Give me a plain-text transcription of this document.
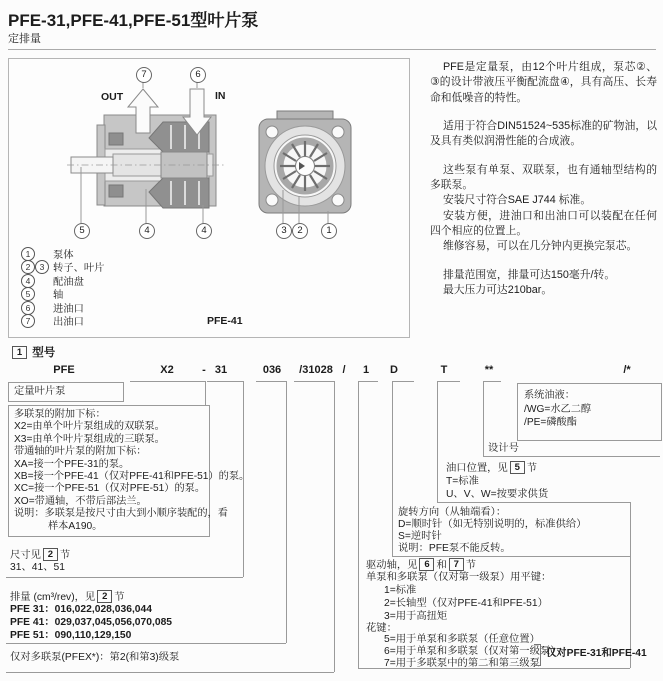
PFE-31,PFE-41,PFE-51型叶片泵
定排量
7	6
OUT	IN
5	4	4	3	2	1
1 泵体
2 3 转子、叶片
4 配油盘
5 轴
6 进油口
7 出油口	PFE-41

PFE是定量泵，由12个叶片组成，泵芯②、③的设计带液压平衡配流盘④，具有高压、长寿命和低噪音的特性。

适用于符合DIN51524~535标准的矿物油，以及具有类似润滑性能的合成液。

这些泵有单泵、双联泵，也有通轴型结构的多联泵。

安装尺寸符合SAE J744 标准。

安装方便，进油口和出油口可以装配在任何四个相应的位置上。

维修容易，可以在几分钟内更换完泵芯。

排量范围宽，排量可达150毫升/转。

最大压力可达210bar。

1 型号
PFE	X2	- 31	036 /31028 / 1 D	T	**	/*
定量叶片泵
多联泵的附加下标：
X2=由单个叶片泵组成的双联泵。
X3=由单个叶片泵组成的三联泵。
带通轴的叶片泵的附加下标：
XA=接一个PFE-31的泵。
XB=接一个PFE-41（仅对PFE-41和PFE-51）的泵。
XC=接一个PFE-51（仅对PFE-51）的泵。
XO=带通轴，不带后部法兰。
说明：多联泵是按尺寸由大到小顺序装配的，看
样本A190。
尺寸见 2 节
31、41、51
排量 (cm³/rev)，见 2 节
PFE 31：016,022,028,036,044
PFE 41：029,037,045,056,070,085
PFE 51：090,110,129,150
仅对多联泵(PFEX*)：第2(和第3)级泵
系统油液：
/WG=水乙二醇
/PE=磷酸酯
设计号
油口位置，见 5 节
T=标准
U、V、W=按要求供货
旋转方向（从轴端看）：
D=顺时针（如无特别说明的，标准供给）
S=逆时针
说明：PFE泵不能反转。
驱动轴，见 6 和 7 节
单泵和多联泵（仅对第一级泵）用平键：
1=标准
2=长轴型（仅对PFE-41和PFE-51）
3=用于高扭矩
花键：
5=用于单泵和多联泵（任意位置）
6=用于单泵和多联泵（仅对第一级泵）
7=用于多联泵中的第二和第三级泵
仅对PFE-31和PFE-41
